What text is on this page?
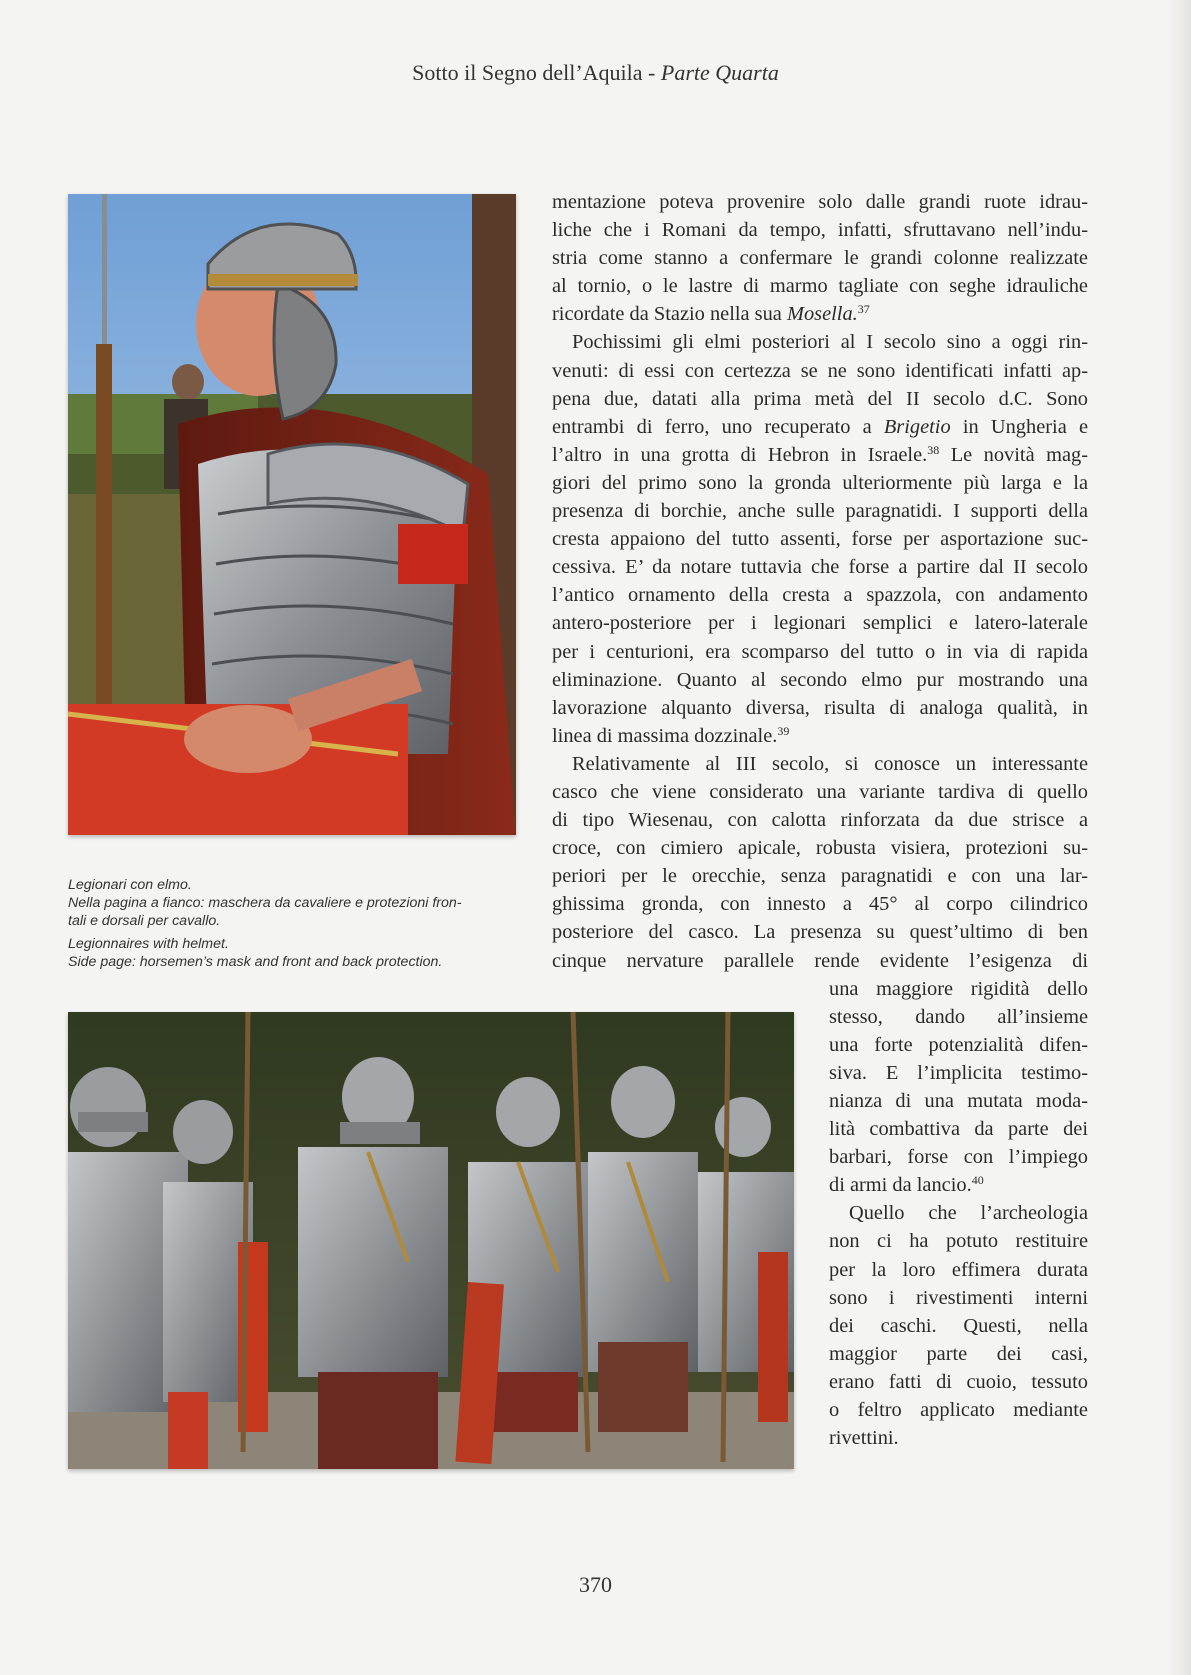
Sotto il Segno dell’Aquila - Parte Quarta

Legionari con elmo.

Nella pagina a fianco: maschera da cavaliere e protezioni fron-

tali e dorsali per cavallo.

Legionnaires with helmet.

Side page: horsemen’s mask and front and back protection.

mentazione poteva provenire solo dalle grandi ruote idrau-
liche che i Romani da tempo, infatti, sfruttavano nell’indu-
stria come stanno a confermare le grandi colonne realizzate
al tornio, o le lastre di marmo tagliate con seghe idrauliche
ricordate da Stazio nella sua Mosella.$^{37}$

Pochissimi gli elmi posteriori al I secolo sino a oggi rin-
venuti: di essi con certezza se ne sono identificati infatti ap-
pena due, datati alla prima metà del II secolo d.C. Sono
entrambi di ferro, uno recuperato a Brigetio in Ungheria e
l’altro in una grotta di Hebron in Israele.$^{38}$ Le novità mag-
giori del primo sono la gronda ulteriormente più larga e la
presenza di borchie, anche sulle paragnatidi. I supporti della
cresta appaiono del tutto assenti, forse per asportazione suc-
cessiva. E’ da notare tuttavia che forse a partire dal II secolo
l’antico ornamento della cresta a spazzola, con andamento
antero-posteriore per i legionari semplici e latero-laterale
per i centurioni, era scomparso del tutto o in via di rapida
eliminazione. Quanto al secondo elmo pur mostrando una
lavorazione alquanto diversa, risulta di analoga qualità, in
linea di massima dozzinale.$^{39}$

Relativamente al III secolo, si conosce un interessante
casco che viene considerato una variante tardiva di quello
di tipo Wiesenau, con calotta rinforzata da due strisce a
croce, con cimiero apicale, robusta visiera, protezioni su-
periori per le orecchie, senza paragnatidi e con una lar-
ghissima gronda, con innesto a 45° al corpo cilindrico
posteriore del casco. La presenza su quest’ultimo di ben
cinque nervature parallele rende evidente l’esigenza di
una maggiore rigidità dello
stesso, dando all’insieme
una forte potenzialità difen-
siva. E l’implicita testimo-
nianza di una mutata moda-
lità combattiva da parte dei
barbari, forse con l’impiego
di armi da lancio.$^{40}$

Quello che l’archeologia
non ci ha potuto restituire
per la loro effimera durata
sono i rivestimenti interni
dei caschi. Questi, nella
maggior parte dei casi,
erano fatti di cuoio, tessuto
o feltro applicato mediante
rivettini.

370
